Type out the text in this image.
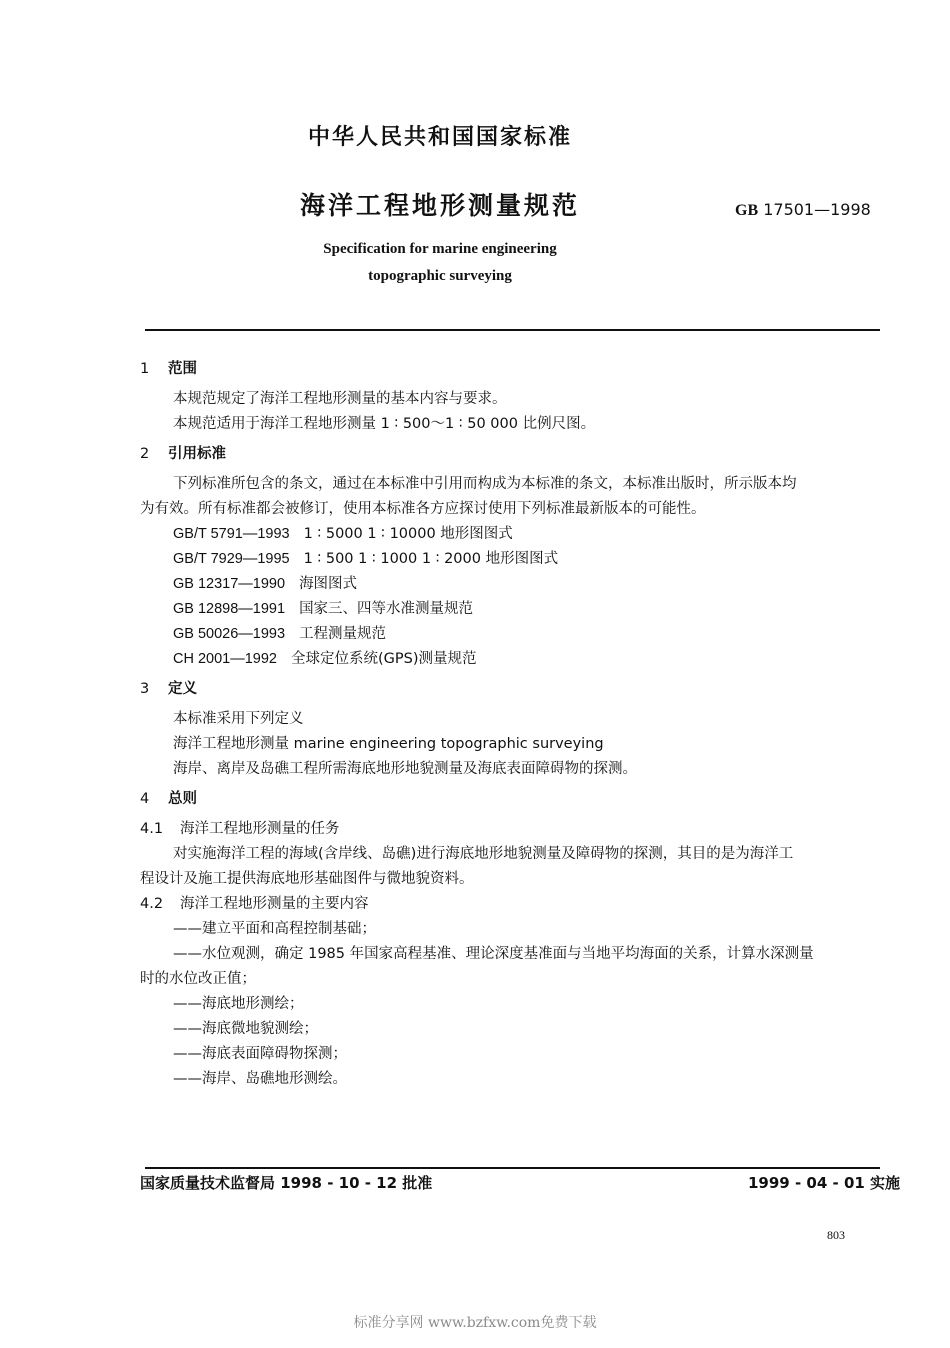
中华人民共和国国家标准
海洋工程地形测量规范	GB 17501—1998
Specification for marine engineering
topographic surveying
1 范围

本规范规定了海洋工程地形测量的基本内容与要求。

本规范适用于海洋工程地形测量 1 ∶ 500～1 ∶ 50 000 比例尺图。

2 引用标准

下列标准所包含的条文，通过在本标准中引用而构成为本标准的条文，本标准出版时，所示版本均

为有效。所有标准都会被修订，使用本标准各方应探讨使用下列标准最新版本的可能性。

GB/T 5791—1993 1 ∶ 5000 1 ∶ 10000 地形图图式

GB/T 7929—1995 1 ∶ 500 1 ∶ 1000 1 ∶ 2000 地形图图式

GB 12317—1990 海图图式

GB 12898—1991 国家三、四等水准测量规范

GB 50026—1993 工程测量规范

CH 2001—1992 全球定位系统(GPS)测量规范

3 定义

本标准采用下列定义

海洋工程地形测量 marine engineering topographic surveying

海岸、离岸及岛礁工程所需海底地形地貌测量及海底表面障碍物的探测。

4 总则

4.1 海洋工程地形测量的任务

对实施海洋工程的海域(含岸线、岛礁)进行海底地形地貌测量及障碍物的探测，其目的是为海洋工

程设计及施工提供海底地形基础图件与微地貌资料。

4.2 海洋工程地形测量的主要内容

——建立平面和高程控制基础；

——水位观测，确定 1985 年国家高程基准、理论深度基准面与当地平均海面的关系，计算水深测量

时的水位改正值；

——海底地形测绘；

——海底微地貌测绘；

——海底表面障碍物探测；

——海岸、岛礁地形测绘。

国家质量技术监督局 1998 - 10 - 12 批准	1999 - 04 - 01 实施
803
标准分享网 www.bzfxw.com免费下载
